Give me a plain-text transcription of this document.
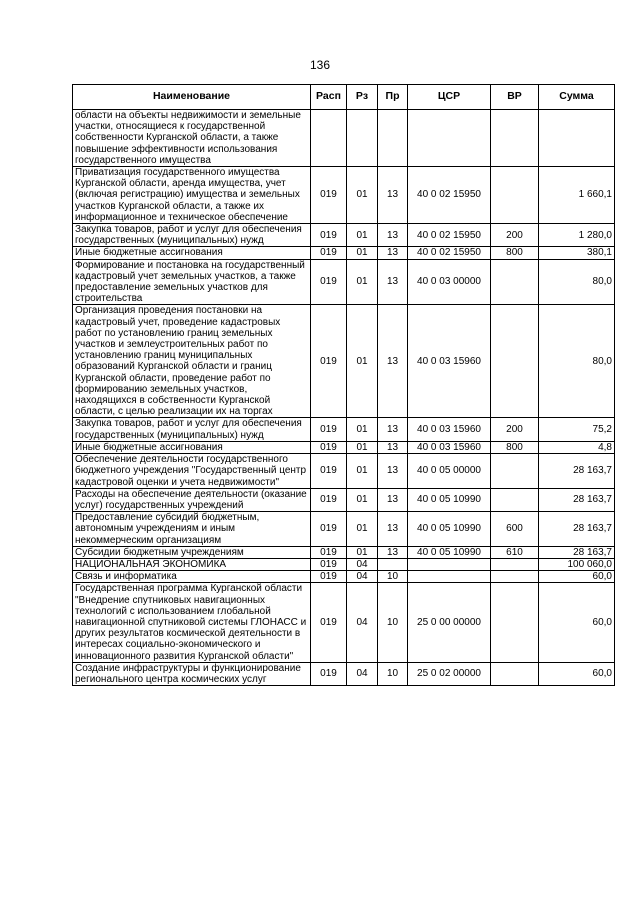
136
Наименование	Расп	Рз	Пр	ЦСР	ВР	Сумма
области на объекты недвижимости и земельные участки, относящиеся к государственной собственности Курганской области, а также повышение эффективности использования государственного имущества						
Приватизация государственного имущества Курганской области, аренда имущества, учет (включая регистрацию) имущества и земельных участков Курганской области, а также их информационное и техническое обеспечение	019	01	13	40 0 02 15950		1 660,1
Закупка товаров, работ и услуг для обеспечения государственных (муниципальных) нужд	019	01	13	40 0 02 15950	200	1 280,0
Иные бюджетные ассигнования	019	01	13	40 0 02 15950	800	380,1
Формирование и постановка на государственный кадастровый учет земельных участков, а также предоставление земельных участков для строительства	019	01	13	40 0 03 00000		80,0
Организация проведения постановки на кадастровый учет, проведение кадастровых работ по установлению границ земельных участков и землеустроительных работ по установлению границ муниципальных образований Курганской области и границ Курганской области, проведение работ по формированию земельных участков, находящихся в собственности Курганской области, с целью реализации их на торгах	019	01	13	40 0 03 15960		80,0
Закупка товаров, работ и услуг для обеспечения государственных (муниципальных) нужд	019	01	13	40 0 03 15960	200	75,2
Иные бюджетные ассигнования	019	01	13	40 0 03 15960	800	4,8
Обеспечение деятельности государственного бюджетного учреждения "Государственный центр кадастровой оценки и учета недвижимости"	019	01	13	40 0 05 00000		28 163,7
Расходы на обеспечение деятельности (оказание услуг) государственных учреждений	019	01	13	40 0 05 10990		28 163,7
Предоставление субсидий бюджетным, автономным учреждениям и иным некоммерческим организациям	019	01	13	40 0 05 10990	600	28 163,7
Субсидии бюджетным учреждениям	019	01	13	40 0 05 10990	610	28 163,7
НАЦИОНАЛЬНАЯ ЭКОНОМИКА	019	04				100 060,0
Связь и информатика	019	04	10			60,0
Государственная программа Курганской области "Внедрение спутниковых навигационных технологий с использованием глобальной навигационной спутниковой системы ГЛОНАСС и других результатов космической деятельности в интересах социально-экономического и инновационного развития Курганской области"	019	04	10	25 0 00 00000		60,0
Создание инфраструктуры и функционирование регионального центра космических услуг	019	04	10	25 0 02 00000		60,0
